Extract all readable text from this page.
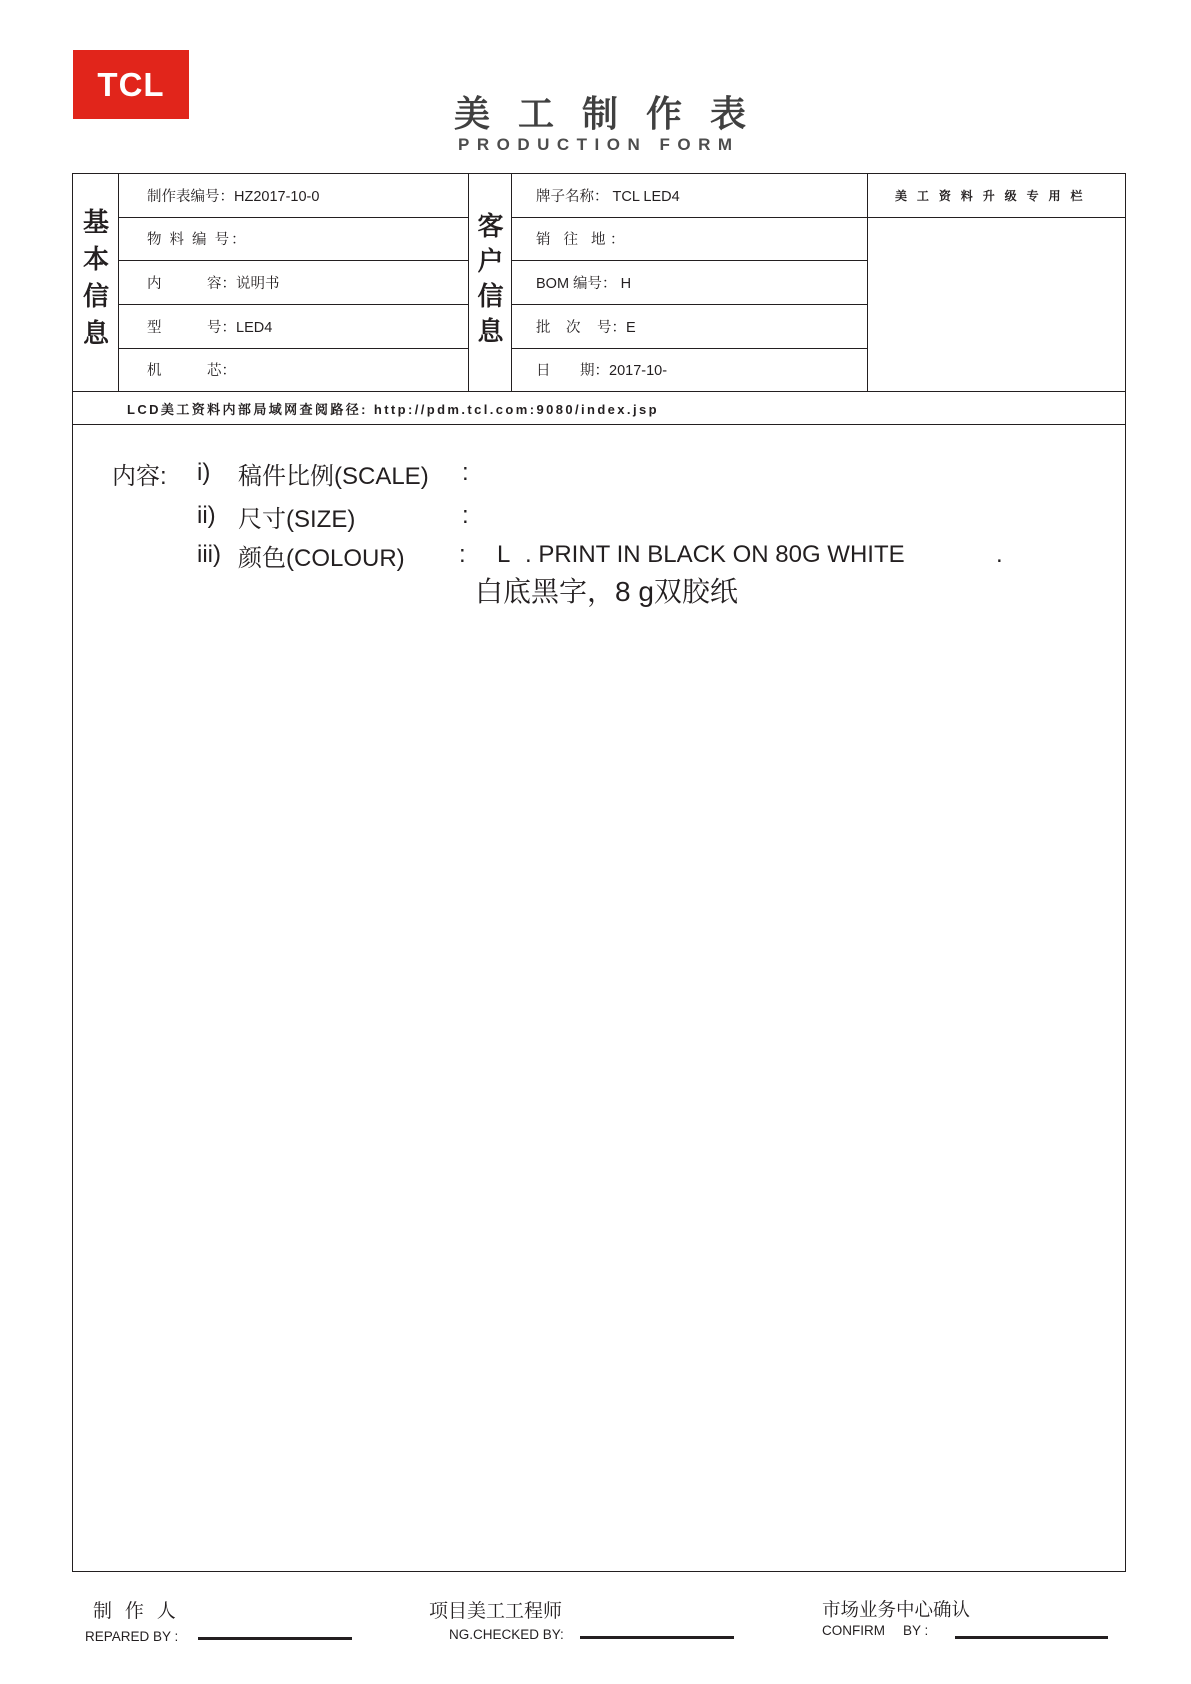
TCL
美 工 制 作 表
PRODUCTION FORM
基本信息
制作表编号：HZ2017-10-0
物 料 编 号：
内	容：说明书
型	号：LED4
机	芯：
客户信息
牌子名称： TCL LED4
销 往 地：
BOM 编号： H
批	次	号：E
日	期：2017-10-
美 工 资 料 升 级 专 用 栏
LCD美工资料内部局域网查阅路径: http://pdm.tcl.com:9080/index.jsp
内容: i) 稿件比例(SCALE) :
ii) 尺寸(SIZE)	:
iii) 颜色(COLOUR) : L . PRINT IN BLACK ON 80G WHITE	.
白底黑字，8 g双胶纸
制 作 人
REPARED BY :
项目美工工程师
NG.CHECKED BY:
市场业务中心确认
CONFIRM BY :
